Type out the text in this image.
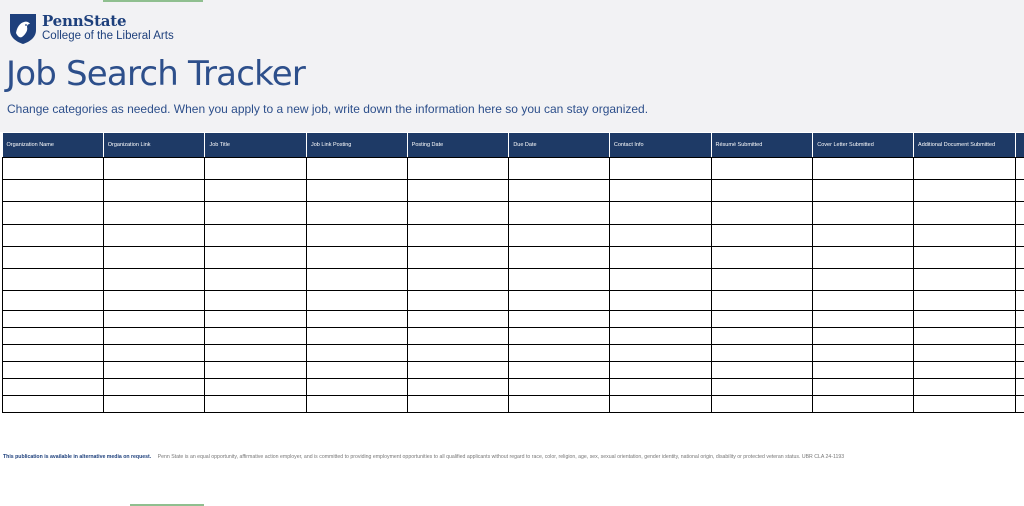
PennState
College of the Liberal Arts
Job Search Tracker
Change categories as needed. When you apply to a new job, write down the information here so you can stay organized.
Organization Name	Organization Link	Job Title	Job Link Posting	Posting Date	Due Date	Contact Info	Résumé Submitted	Cover Letter Submitted	Additional Document Submitted	

This publication is available in alternative media on request. Penn State is an equal opportunity, affirmative action employer, and is committed to providing employment opportunities to all qualified applicants without regard to race, color, religion, age, sex, sexual orientation, gender identity, national origin, disability or protected veteran status. UBR CLA 24-1193
